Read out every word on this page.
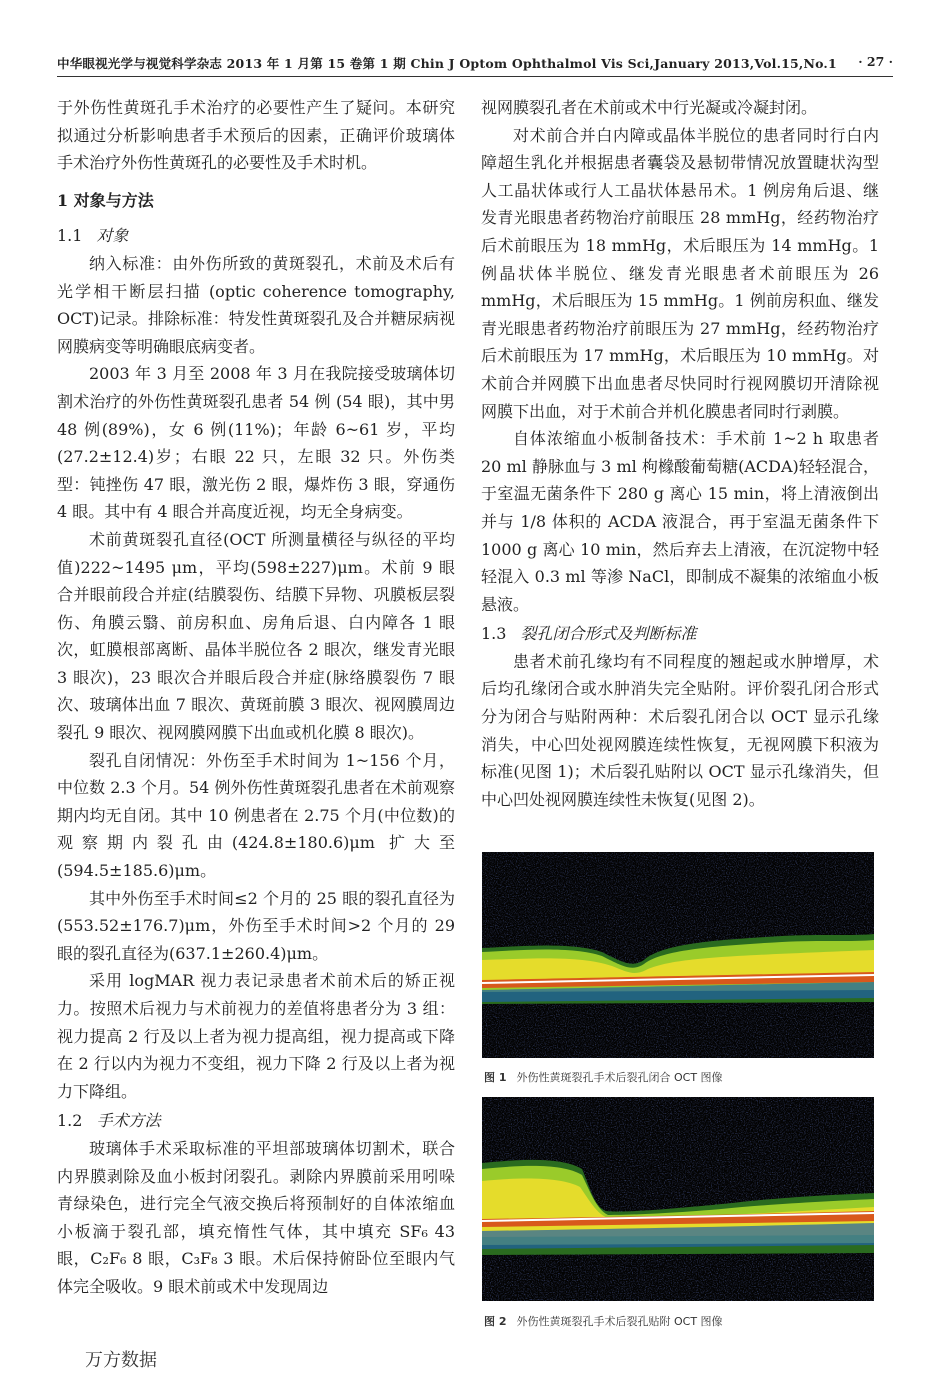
中华眼视光学与视觉科学杂志 2013 年 1 月第 15 卷第 1 期 Chin J Optom Ophthalmol Vis Sci,January 2013,Vol.15,No.1 · 27 ·

于外伤性黄斑孔手术治疗的必要性产生了疑问。本研究拟通过分析影响患者手术预后的因素，正确评价玻璃体手术治疗外伤性黄斑孔的必要性及手术时机。

1 对象与方法
1.1 对象

纳入标准：由外伤所致的黄斑裂孔，术前及术后有光学相干断层扫描 (optic coherence tomography, OCT)记录。排除标准：特发性黄斑裂孔及合并糖尿病视网膜病变等明确眼底病变者。

2003 年 3 月至 2008 年 3 月在我院接受玻璃体切割术治疗的外伤性黄斑裂孔患者 54 例 (54 眼)，其中男 48 例(89%)，女 6 例(11%)；年龄 6~61 岁，平均(27.2±12.4)岁；右眼 22 只，左眼 32 只。外伤类型：钝挫伤 47 眼，激光伤 2 眼，爆炸伤 3 眼，穿通伤 4 眼。其中有 4 眼合并高度近视，均无全身病变。

术前黄斑裂孔直径(OCT 所测量横径与纵径的平均值)222~1495 μm，平均(598±227)μm。术前 9 眼合并眼前段合并症(结膜裂伤、结膜下异物、巩膜板层裂伤、角膜云翳、前房积血、房角后退、白内障各 1 眼次，虹膜根部离断、晶体半脱位各 2 眼次，继发青光眼 3 眼次)，23 眼次合并眼后段合并症(脉络膜裂伤 7 眼次、玻璃体出血 7 眼次、黄斑前膜 3 眼次、视网膜周边裂孔 9 眼次、视网膜网膜下出血或机化膜 8 眼次)。

裂孔自闭情况：外伤至手术时间为 1~156 个月，中位数 2.3 个月。54 例外伤性黄斑裂孔患者在术前观察期内均无自闭。其中 10 例患者在 2.75 个月(中位数)的观察期内裂孔由(424.8±180.6)μm 扩大至(594.5±185.6)μm。

其中外伤至手术时间≤2 个月的 25 眼的裂孔直径为(553.52±176.7)μm，外伤至手术时间>2 个月的 29 眼的裂孔直径为(637.1±260.4)μm。

采用 logMAR 视力表记录患者术前术后的矫正视力。按照术后视力与术前视力的差值将患者分为 3 组：视力提高 2 行及以上者为视力提高组，视力提高或下降在 2 行以内为视力不变组，视力下降 2 行及以上者为视力下降组。

1.2 手术方法

玻璃体手术采取标准的平坦部玻璃体切割术，联合内界膜剥除及血小板封闭裂孔。剥除内界膜前采用吲哚青绿染色，进行完全气液交换后将预制好的自体浓缩血小板滴于裂孔部，填充惰性气体，其中填充 SF₆ 43 眼，C₂F₆ 8 眼，C₃F₈ 3 眼。术后保持俯卧位至眼内气体完全吸收。9 眼术前或术中发现周边

视网膜裂孔者在术前或术中行光凝或冷凝封闭。

对术前合并白内障或晶体半脱位的患者同时行白内障超生乳化并根据患者囊袋及悬韧带情况放置睫状沟型人工晶状体或行人工晶状体悬吊术。1 例房角后退、继发青光眼患者药物治疗前眼压 28 mmHg，经药物治疗后术前眼压为 18 mmHg，术后眼压为 14 mmHg。1 例晶状体半脱位、继发青光眼患者术前眼压为 26 mmHg，术后眼压为 15 mmHg。1 例前房积血、继发青光眼患者药物治疗前眼压为 27 mmHg，经药物治疗后术前眼压为 17 mmHg，术后眼压为 10 mmHg。对术前合并网膜下出血患者尽快同时行视网膜切开清除视网膜下出血，对于术前合并机化膜患者同时行剥膜。

自体浓缩血小板制备技术：手术前 1~2 h 取患者20 ml 静脉血与 3 ml 枸橼酸葡萄糖(ACDA)轻轻混合，于室温无菌条件下 280 g 离心 15 min，将上清液倒出并与 1/8 体积的 ACDA 液混合，再于室温无菌条件下 1000 g 离心 10 min，然后弃去上清液，在沉淀物中轻轻混入 0.3 ml 等渗 NaCl，即制成不凝集的浓缩血小板悬液。

1.3 裂孔闭合形式及判断标准

患者术前孔缘均有不同程度的翘起或水肿增厚，术后均孔缘闭合或水肿消失完全贴附。评价裂孔闭合形式分为闭合与贴附两种：术后裂孔闭合以 OCT 显示孔缘消失，中心凹处视网膜连续性恢复，无视网膜下积液为标准(见图 1)；术后裂孔贴附以 OCT 显示孔缘消失，但中心凹处视网膜连续性未恢复(见图 2)。

图 1 外伤性黄斑裂孔手术后裂孔闭合 OCT 图像
图 2 外伤性黄斑裂孔手术后裂孔贴附 OCT 图像
万方数据
